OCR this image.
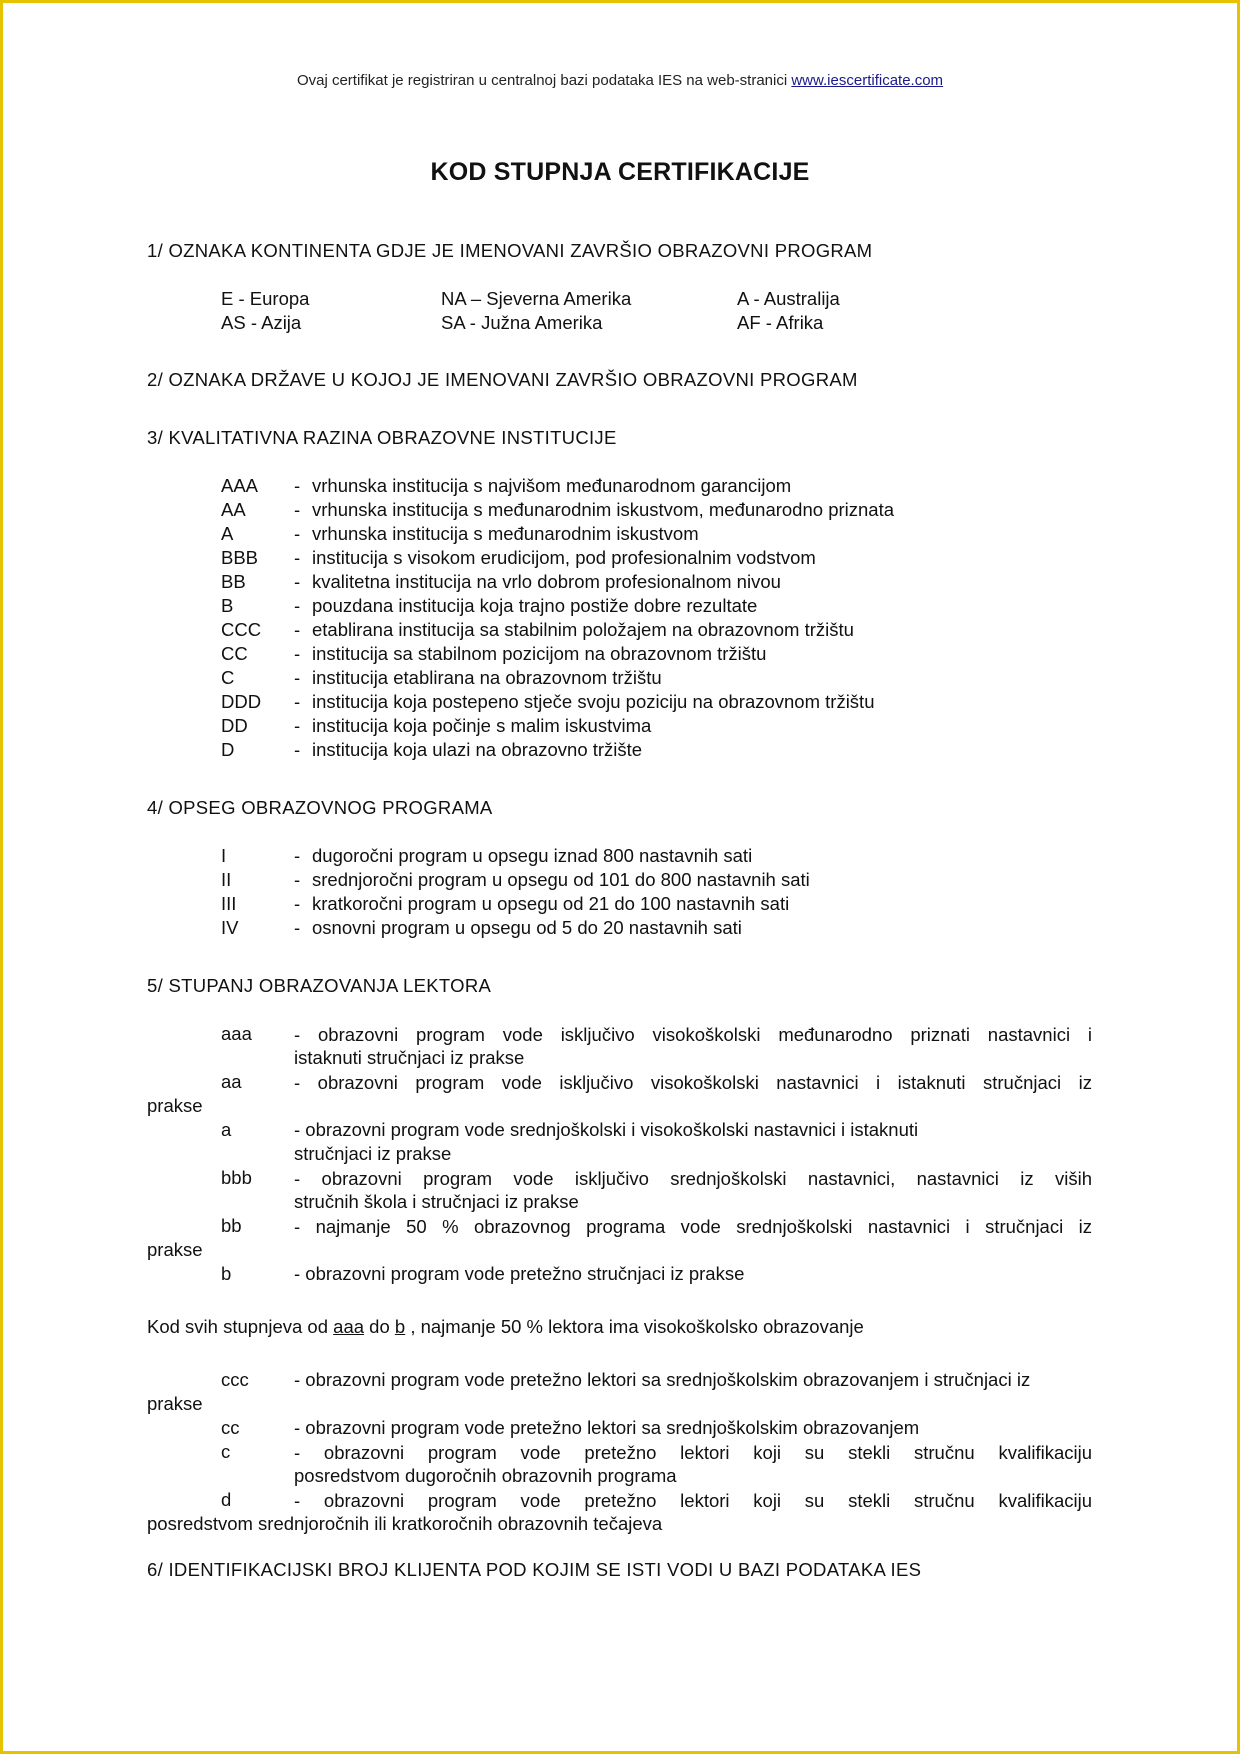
Ovaj certifikat je registriran u centralnoj bazi podataka IES na web-stranici www.iescertificate.com
KOD STUPNJA CERTIFIKACIJE
1/ OZNAKA KONTINENTA GDJE JE IMENOVANI ZAVRŠIO OBRAZOVNI PROGRAM
E - Europa	NA – Sjeverna Amerika	A - Australija
AS - Azija	SA - Južna Amerika	AF - Afrika
2/ OZNAKA DRŽAVE U KOJOJ JE IMENOVANI ZAVRŠIO OBRAZOVNI PROGRAM
3/ KVALITATIVNA RAZINA OBRAZOVNE INSTITUCIJE
AAA - vrhunska institucija s najvišom međunarodnom garancijom
AA	- vrhunska institucija s međunarodnim iskustvom, međunarodno priznata
A	- vrhunska institucija s međunarodnim iskustvom
BBB - institucija s visokom erudicijom, pod profesionalnim vodstvom
BB	- kvalitetna institucija na vrlo dobrom profesionalnom nivou
B	- pouzdana institucija koja trajno postiže dobre rezultate
CCC - etablirana institucija sa stabilnim položajem na obrazovnom tržištu
CC	- institucija sa stabilnom pozicijom na obrazovnom tržištu
C	- institucija etablirana na obrazovnom tržištu
DDD - institucija koja postepeno stječe svoju poziciju na obrazovnom tržištu
DD	- institucija koja počinje s malim iskustvima
D	- institucija koja ulazi na obrazovno tržište
4/ OPSEG OBRAZOVNOG PROGRAMA
I	- dugoročni program u opsegu iznad 800 nastavnih sati
II	- srednjoročni program u opsegu od 101 do 800 nastavnih sati
III	- kratkoročni program u opsegu od 21 do 100 nastavnih sati
IV	- osnovni program u opsegu od 5 do 20 nastavnih sati
5/ STUPANJ OBRAZOVANJA LEKTORA
aaa - obrazovni program vode isključivo visokoškolski međunarodno priznati nastavnici i
istaknuti stručnjaci iz prakse
aa	- obrazovni program vode isključivo visokoškolski nastavnici i istaknuti stručnjaci iz
prakse
a	- obrazovni program vode srednjoškolski i visokoškolski nastavnici i istaknuti
stručnjaci iz prakse
bbb - obrazovni program vode isključivo srednjoškolski nastavnici, nastavnici iz viših
stručnih škola i stručnjaci iz prakse
bb	- najmanje 50 % obrazovnog programa vode srednjoškolski nastavnici i stručnjaci iz
prakse
b	- obrazovni program vode pretežno stručnjaci iz prakse
Kod svih stupnjeva od aaa do b , najmanje 50 % lektora ima visokoškolsko obrazovanje
ccc - obrazovni program vode pretežno lektori sa srednjoškolskim obrazovanjem i stručnjaci iz
prakse
cc	- obrazovni program vode pretežno lektori sa srednjoškolskim obrazovanjem
c	- obrazovni program vode pretežno lektori koji su stekli stručnu kvalifikaciju
posredstvom dugoročnih obrazovnih programa
d	- obrazovni program vode pretežno lektori koji su stekli stručnu kvalifikaciju
posredstvom srednjoročnih ili kratkoročnih obrazovnih tečajeva
6/ IDENTIFIKACIJSKI BROJ KLIJENTA POD KOJIM SE ISTI VODI U BAZI PODATAKA IES
